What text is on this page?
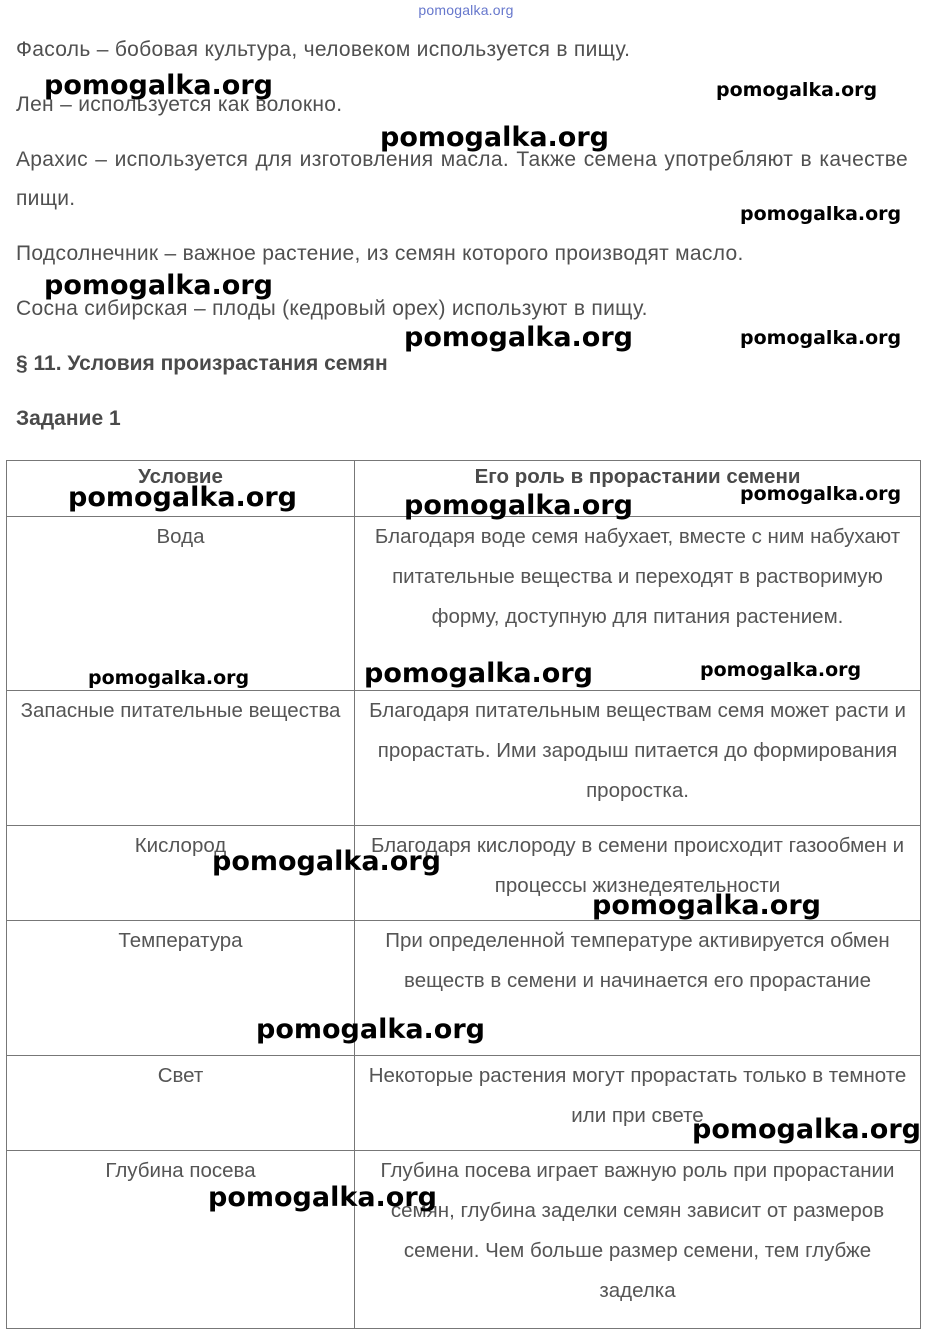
pomogalka.org
Фасоль – бобовая культура, человеком используется в пищу.
Лен – используется как волокно.
Арахис – используется для изготовления масла. Также семена употребляют в качестве пищи.
Подсолнечник – важное растение, из семян которого производят масло.
Сосна сибирская – плоды (кедровый орех) используют в пищу.
§ 11. Условия произрастания семян
Задание 1
Условие	Его роль в прорастании семени
Вода	Благодаря воде семя набухает, вместе с ним набухают питательные вещества и переходят в растворимую форму, доступную для питания растением.
Запасные питательные вещества	Благодаря питательным веществам семя может расти и прорастать. Ими зародыш питается до формирования проростка.
Кислород	Благодаря кислороду в семени происходит газообмен и процессы жизнедеятельности
Температура	При определенной температуре активируется обмен веществ в семени и начинается его прорастание
Свет	Некоторые растения могут прорастать только в темноте или при свете
Глубина посева	Глубина посева играет важную роль при прорастании семян, глубина заделки семян зависит от размеров семени. Чем больше размер семени, тем глубже заделка
pomogalka.org	pomogalka.org
pomogalka.org
pomogalka.org
pomogalka.org
pomogalka.org	pomogalka.org
pomogalka.org	pomogalka.org	pomogalka.org
pomogalka.org	pomogalka.org	pomogalka.org
pomogalka.org
pomogalka.org
pomogalka.org
pomogalka.org
pomogalka.org
